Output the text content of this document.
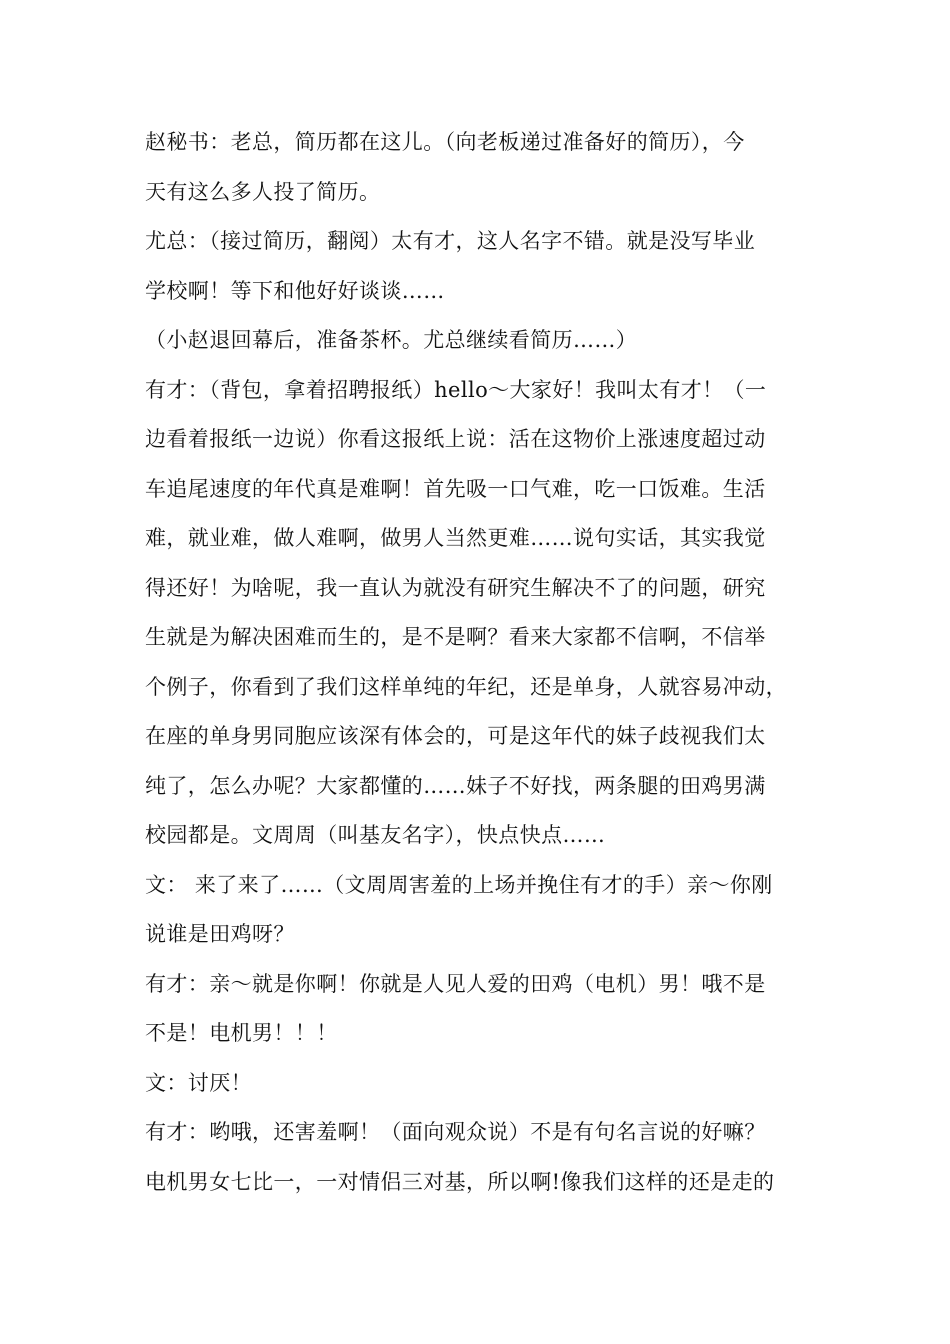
赵秘书：老总，简历都在这儿。（向老板递过准备好的简历），今
天有这么多人投了简历。
尤总：（接过简历，翻阅）太有才，这人名字不错。就是没写毕业
学校啊！等下和他好好谈谈……
（小赵退回幕后，准备茶杯。尤总继续看简历……）
有才：（背包，拿着招聘报纸）hello～大家好！我叫太有才！（一
边看着报纸一边说）你看这报纸上说：活在这物价上涨速度超过动
车追尾速度的年代真是难啊！首先吸一口气难，吃一口饭难。生活
难，就业难，做人难啊，做男人当然更难……说句实话，其实我觉
得还好！为啥呢，我一直认为就没有研究生解决不了的问题，研究
生就是为解决困难而生的，是不是啊？看来大家都不信啊，不信举
个例子，你看到了我们这样单纯的年纪，还是单身，人就容易冲动，
在座的单身男同胞应该深有体会的，可是这年代的妹子歧视我们太
纯了，怎么办呢？大家都懂的……妹子不好找，两条腿的田鸡男满
校园都是。文周周（叫基友名字），快点快点……
文： 来了来了……（文周周害羞的上场并挽住有才的手）亲～你刚
说谁是田鸡呀？
有才：亲～就是你啊！你就是人见人爱的田鸡（电机）男！哦不是
不是！电机男！！！
文：讨厌！
有才：哟哦，还害羞啊！（面向观众说）不是有句名言说的好嘛？
电机男女七比一，一对情侣三对基，所以啊!像我们这样的还是走的
